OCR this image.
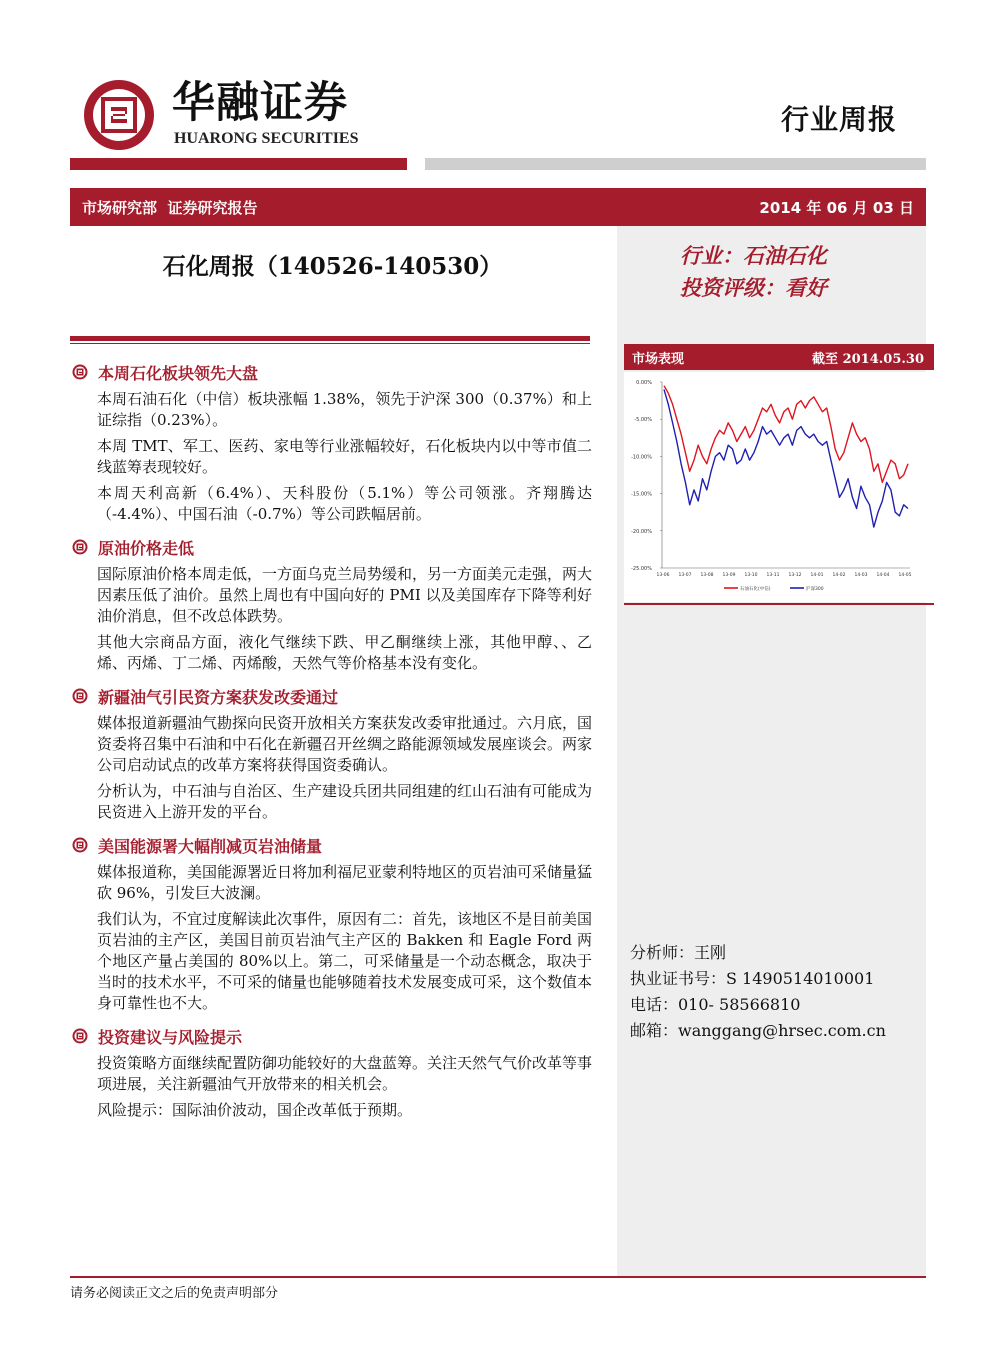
华融证券
HUARONG SECURITIES
行业周报
市场研究部  证券研究报告	2014 年 06 月 03 日
石化周报（140526-140530）	行业：石油石化
投资评级：看好
市场表现	截至 2014.05.30
0.00%
-5.00%
-10.00%
-15.00%
-20.00%
-25.00%
13-06 13-07 13-08 13-09 13-10 13-11 13-12 14-01 14-02 14-03 14-04 14-05
石油石化(中信)	沪深300
本周石化板块领先大盘
本周石油石化（中信）板块涨幅 1.38%，领先于沪深 300（0.37%）和上证综指（0.23%）。
本周 TMT、军工、医药、家电等行业涨幅较好，石化板块内以中等市值二线蓝筹表现较好。
本周天利高新（6.4%）、天科股份（5.1%）等公司领涨。齐翔腾达（-4.4%）、中国石油（-0.7%）等公司跌幅居前。
原油价格走低
国际原油价格本周走低，一方面乌克兰局势缓和，另一方面美元走强，两大因素压低了油价。虽然上周也有中国向好的 PMI 以及美国库存下降等利好油价消息，但不改总体跌势。
其他大宗商品方面，液化气继续下跌、甲乙酮继续上涨，其他甲醇、、乙烯、丙烯、丁二烯、丙烯酸，天然气等价格基本没有变化。
新疆油气引民资方案获发改委通过
媒体报道新疆油气勘探向民资开放相关方案获发改委审批通过。六月底，国资委将召集中石油和中石化在新疆召开丝绸之路能源领域发展座谈会。两家公司启动试点的改革方案将获得国资委确认。
分析认为，中石油与自治区、生产建设兵团共同组建的红山石油有可能成为民资进入上游开发的平台。
美国能源署大幅削减页岩油储量
媒体报道称，美国能源署近日将加利福尼亚蒙利特地区的页岩油可采储量猛砍 96%，引发巨大波澜。
我们认为，不宜过度解读此次事件，原因有二：首先，该地区不是目前美国页岩油的主产区，美国目前页岩油气主产区的 Bakken 和 Eagle Ford 两个地区产量占美国的 80%以上。第二，可采储量是一个动态概念，取决于当时的技术水平，不可采的储量也能够随着技术发展变成可采，这个数值本身可靠性也不大。
投资建议与风险提示
投资策略方面继续配置防御功能较好的大盘蓝筹。关注天然气气价改革等事项进展，关注新疆油气开放带来的相关机会。
风险提示：国际油价波动，国企改革低于预期。
分析师：王刚
执业证书号：S 1490514010001
电话：010- 58566810
邮箱：wanggang@hrsec.com.cn
请务必阅读正文之后的免责声明部分
